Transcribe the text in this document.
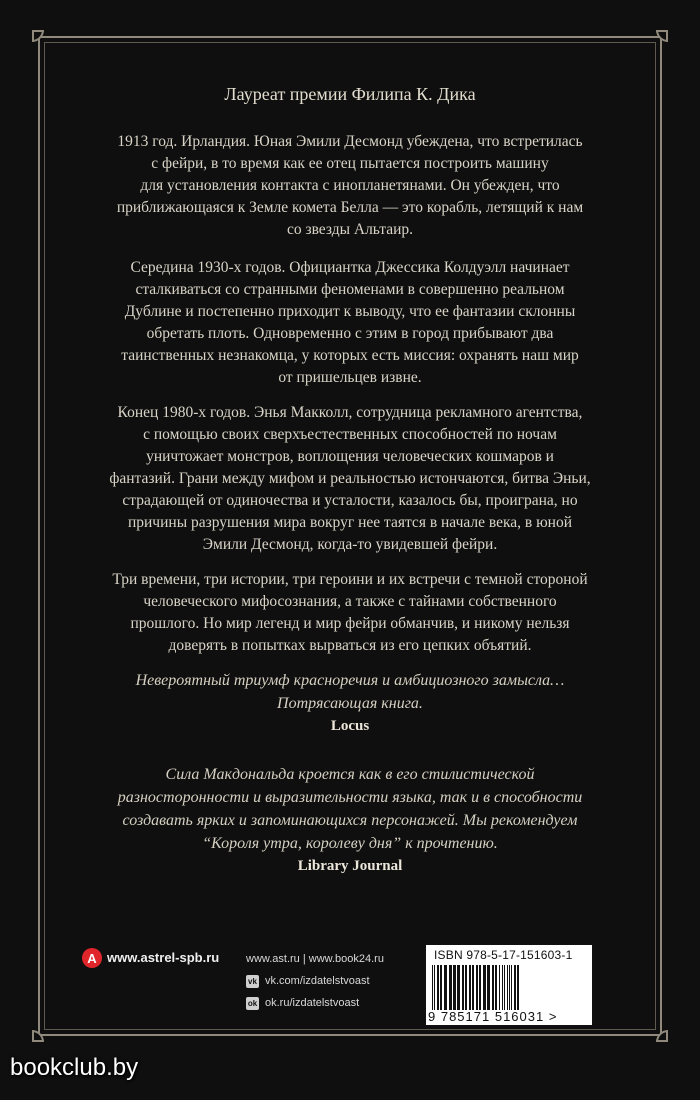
Лауреат премии Филипа К. Дика
1913 год. Ирландия. Юная Эмили Десмонд убеждена, что встретилась
с фейри, в то время как ее отец пытается построить машину
для установления контакта с инопланетянами. Он убежден, что
приближающаяся к Земле комета Белла — это корабль, летящий к нам
со звезды Альтаир.
Середина 1930-х годов. Официантка Джессика Колдуэлл начинает
сталкиваться со странными феноменами в совершенно реальном
Дублине и постепенно приходит к выводу, что ее фантазии склонны
обретать плоть. Одновременно с этим в город прибывают два
таинственных незнакомца, у которых есть миссия: охранять наш мир
от пришельцев извне.
Конец 1980-х годов. Энья Макколл, сотрудница рекламного агентства,
с помощью своих сверхъестественных способностей по ночам
уничтожает монстров, воплощения человеческих кошмаров и
фантазий. Грани между мифом и реальностью истончаются, битва Эньи,
страдающей от одиночества и усталости, казалось бы, проиграна, но
причины разрушения мира вокруг нее таятся в начале века, в юной
Эмили Десмонд, когда-то увидевшей фейри.
Три времени, три истории, три героини и их встречи с темной стороной
человеческого мифосознания, а также с тайнами собственного
прошлого. Но мир легенд и мир фейри обманчив, и никому нельзя
доверять в попытках вырваться из его цепких объятий.
Невероятный триумф красноречия и амбициозного замысла…
Потрясающая книга.
Locus
Сила Макдональда кроется как в его стилистической
разносторонности и выразительности языка, так и в способности
создавать ярких и запоминающихся персонажей. Мы рекомендуем
“Короля утра, королеву дня” к прочтению.
Library Journal
A www.astrel-spb.ru www.ast.ru | www.book24.ru
vk vk.com/izdatelstvoast
ok ok.ru/izdatelstvoast
ISBN 978-5-17-151603-1
9 785171 516031 >
bookclub.by
